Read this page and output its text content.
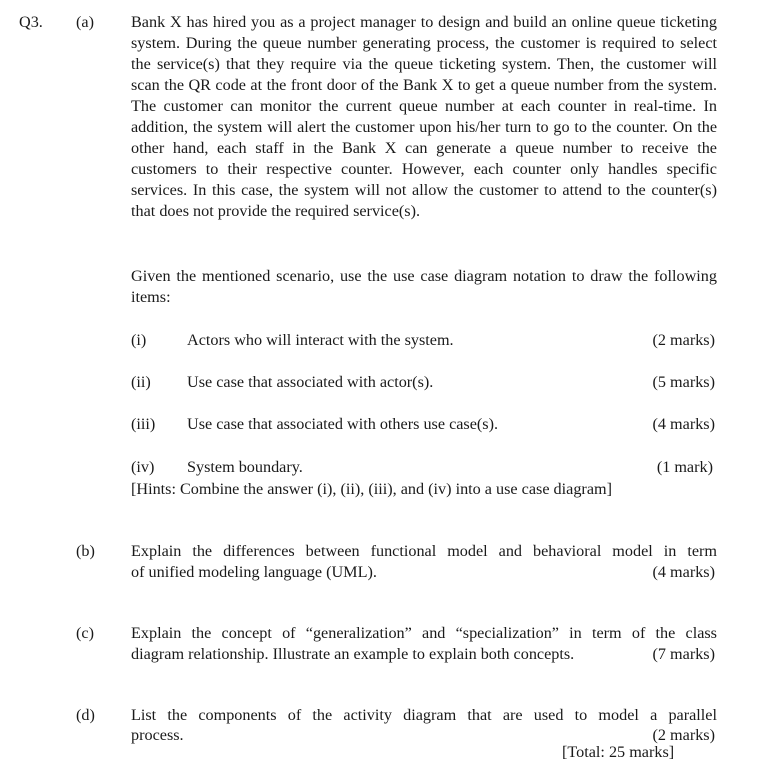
Q3. (a) Bank X has hired you as a project manager to design and build an online queue ticketing system. During the queue number generating process, the customer is required to select the service(s) that they require via the queue ticketing system. Then, the customer will scan the QR code at the front door of the Bank X to get a queue number from the system. The customer can monitor the current queue number at each counter in real-time. In addition, the system will alert the customer upon his/her turn to go to the counter. On the other hand, each staff in the Bank X can generate a queue number to receive the customers to their respective counter. However, each counter only handles specific services. In this case, the system will not allow the customer to attend to the counter(s) that does not provide the required service(s).

Given the mentioned scenario, use the use case diagram notation to draw the following items:

(i)	Actors who will interact with the system.	(2 marks)
(ii) Use case that associated with actor(s).	(5 marks)
(iii) Use case that associated with others use case(s).	(4 marks)
(iv) System boundary.	(1 mark)
[Hints: Combine the answer (i), (ii), (iii), and (iv) into a use case diagram]
(b) Explain the differences between functional model and behavioral model in term
of unified modeling language (UML).	(4 marks)
(c) Explain the concept of “generalization” and “specialization” in term of the class
diagram relationship. Illustrate an example to explain both concepts.	(7 marks)
(d) List the components of the activity diagram that are used to model a parallel
process.	(2 marks)
[Total: 25 marks]
